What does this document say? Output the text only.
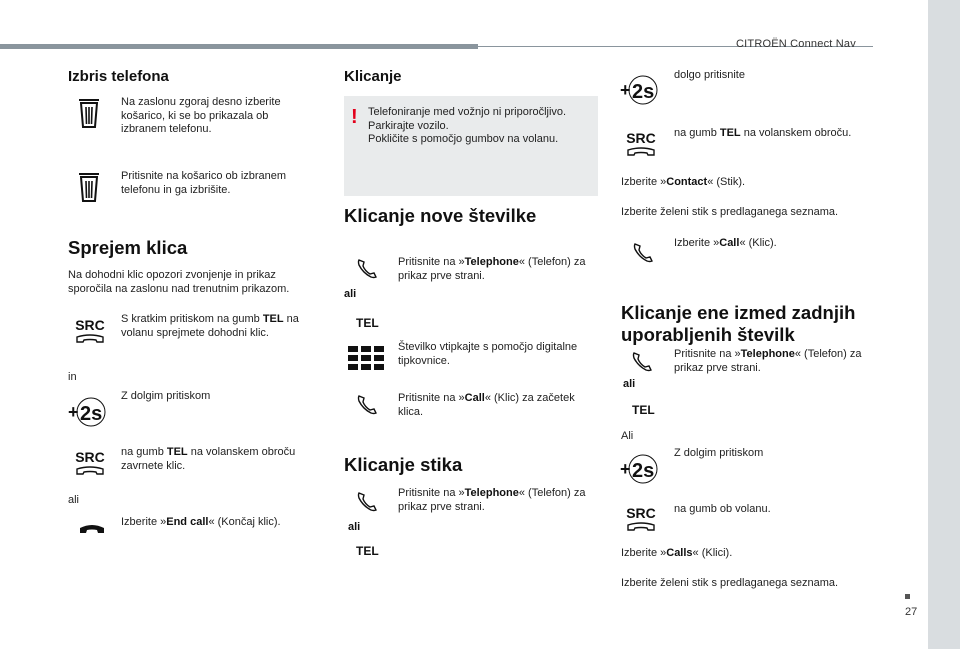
CITROËN Connect Nav
27
Izbris telefona
Na zaslonu zgoraj desno izberite košarico, ki se bo prikazala ob izbranem telefonu.
Pritisnite na košarico ob izbranem telefonu in ga izbrišite.
Sprejem klica
Na dohodni klic opozori zvonjenje in prikaz sporočila na zaslonu nad trenutnim prikazom.
SRC S kratkim pritiskom na gumb TEL na volanu sprejmete dohodni klic.
in
+ 2s
Z dolgim pritiskom
SRC na gumb TEL na volanskem obroču zavrnete klic.
ali
Izberite »End call« (Končaj klic).
Klicanje
! Telefoniranje med vožnjo ni priporočljivo.
Parkirajte vozilo.
Pokličite s pomočjo gumbov na volanu.
Klicanje nove številke
ali
Pritisnite na »Telephone« (Telefon) za prikaz prve strani.
TEL
Številko vtipkajte s pomočjo digitalne tipkovnice.
Pritisnite na »Call« (Klic) za začetek klica.
Klicanje stika
ali
Pritisnite na »Telephone« (Telefon) za prikaz prve strani.
TEL
+ 2s
dolgo pritisnite
SRC na gumb TEL na volanskem obroču.
Izberite »Contact« (Stik).
Izberite želeni stik s predlaganega seznama.
Izberite »Call« (Klic).
Klicanje ene izmed zadnjih
uporabljenih številk
ali
Pritisnite na »Telephone« (Telefon) za prikaz prve strani.
TEL
Ali
+ 2s
Z dolgim pritiskom
SRC na gumb ob volanu.
Izberite »Calls« (Klici).
Izberite želeni stik s predlaganega seznama.
